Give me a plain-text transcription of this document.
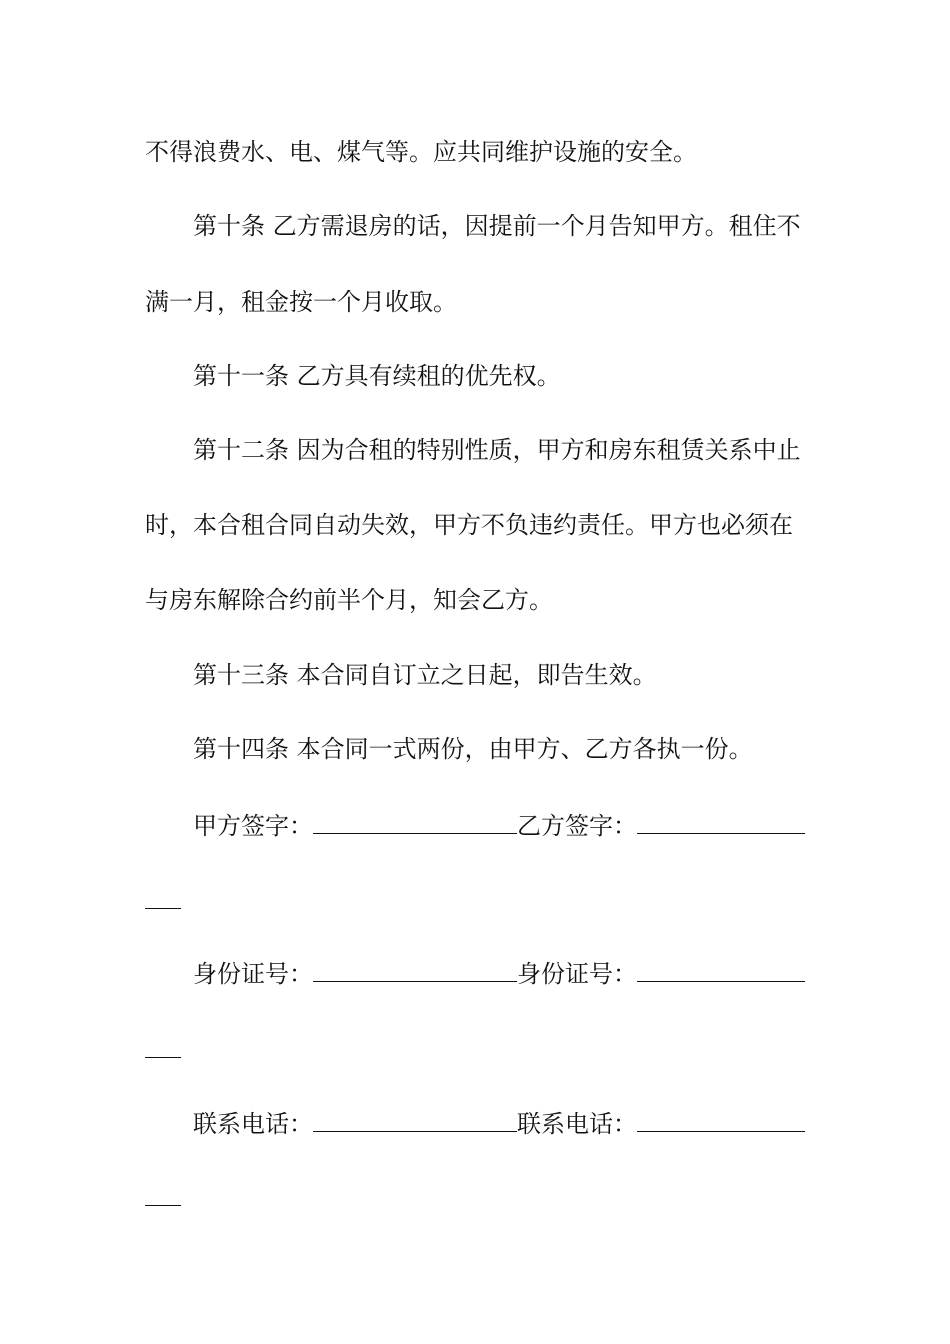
不得浪费水、电、煤气等。应共同维护设施的安全。
第十条 乙方需退房的话，因提前一个月告知甲方。租住不
满一月，租金按一个月收取。
第十一条 乙方具有续租的优先权。
第十二条 因为合租的特别性质，甲方和房东租赁关系中止
时，本合租合同自动失效，甲方不负违约责任。甲方也必须在
与房东解除合约前半个月，知会乙方。
第十三条 本合同自订立之日起，即告生效。
第十四条 本合同一式两份，由甲方、乙方各执一份。
甲方签字：	乙方签字：
身份证号：	身份证号：
联系电话：	联系电话：
